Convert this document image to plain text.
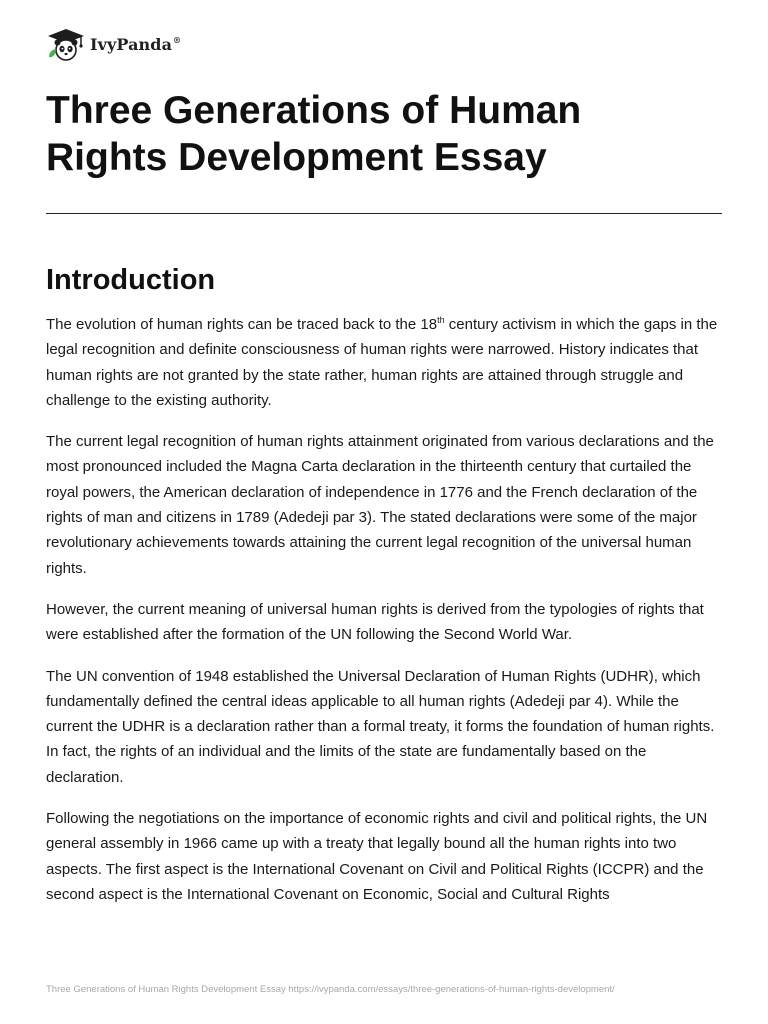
IvyPanda®
Three Generations of Human Rights Development Essay
Introduction

The evolution of human rights can be traced back to the 18th century activism in which the gaps in the legal recognition and definite consciousness of human rights were narrowed. History indicates that human rights are not granted by the state rather, human rights are attained through struggle and challenge to the existing authority.

The current legal recognition of human rights attainment originated from various declarations and the most pronounced included the Magna Carta declaration in the thirteenth century that curtailed the royal powers, the American declaration of independence in 1776 and the French declaration of the rights of man and citizens in 1789 (Adedeji par 3). The stated declarations were some of the major revolutionary achievements towards attaining the current legal recognition of the universal human rights.

However, the current meaning of universal human rights is derived from the typologies of rights that were established after the formation of the UN following the Second World War.

The UN convention of 1948 established the Universal Declaration of Human Rights (UDHR), which fundamentally defined the central ideas applicable to all human rights (Adedeji par 4). While the current the UDHR is a declaration rather than a formal treaty, it forms the foundation of human rights. In fact, the rights of an individual and the limits of the state are fundamentally based on the declaration.

Following the negotiations on the importance of economic rights and civil and political rights, the UN general assembly in 1966 came up with a treaty that legally bound all the human rights into two aspects. The first aspect is the International Covenant on Civil and Political Rights (ICCPR) and the second aspect is the International Covenant on Economic, Social and Cultural Rights

Three Generations of Human Rights Development Essay https://ivypanda.com/essays/three-generations-of-human-rights-development/
